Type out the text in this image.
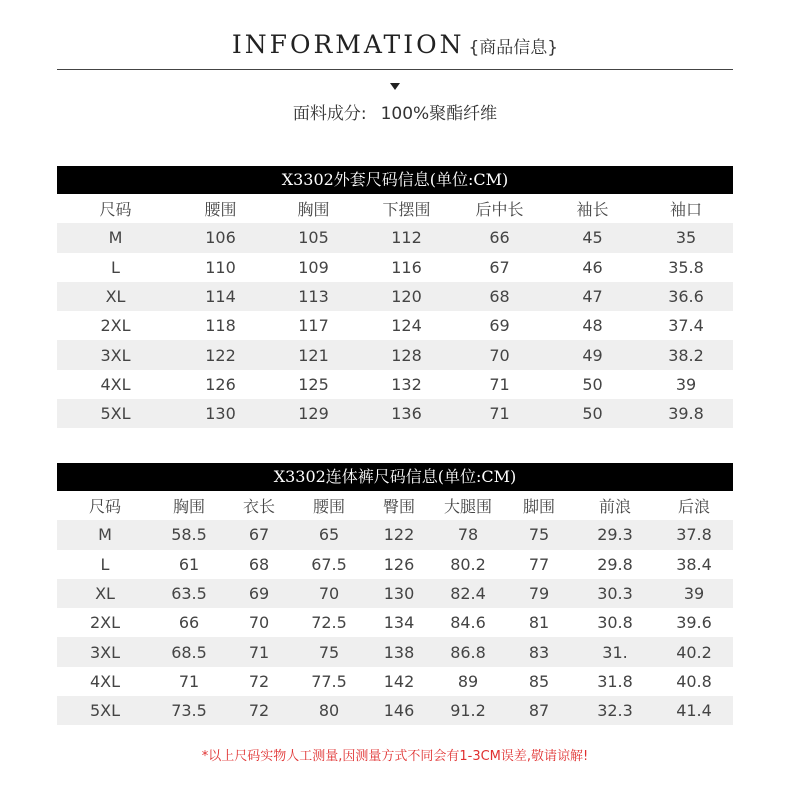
INFORMATION {商品信息}
面料成分: 100%聚酯纤维
X3302外套尺码信息(单位:CM)
尺码	腰围	胸围	下摆围	后中长	袖长	袖口
M	106	105	112	66	45	35
L	110	109	116	67	46	35.8
XL	114	113	120	68	47	36.6
2XL	118	117	124	69	48	37.4
3XL	122	121	128	70	49	38.2
4XL	126	125	132	71	50	39
5XL	130	129	136	71	50	39.8
X3302连体裤尺码信息(单位:CM)
尺码	胸围	衣长	腰围	臀围	大腿围	脚围	前浪	后浪
M	58.5	67	65	122	78	75	29.3	37.8
L	61	68	67.5	126	80.2	77	29.8	38.4
XL	63.5	69	70	130	82.4	79	30.3	39
2XL	66	70	72.5	134	84.6	81	30.8	39.6
3XL	68.5	71	75	138	86.8	83	31.	40.2
4XL	71	72	77.5	142	89	85	31.8	40.8
5XL	73.5	72	80	146	91.2	87	32.3	41.4
*以上尺码实物人工测量,因测量方式不同会有1-3CM误差,敬请谅解!
